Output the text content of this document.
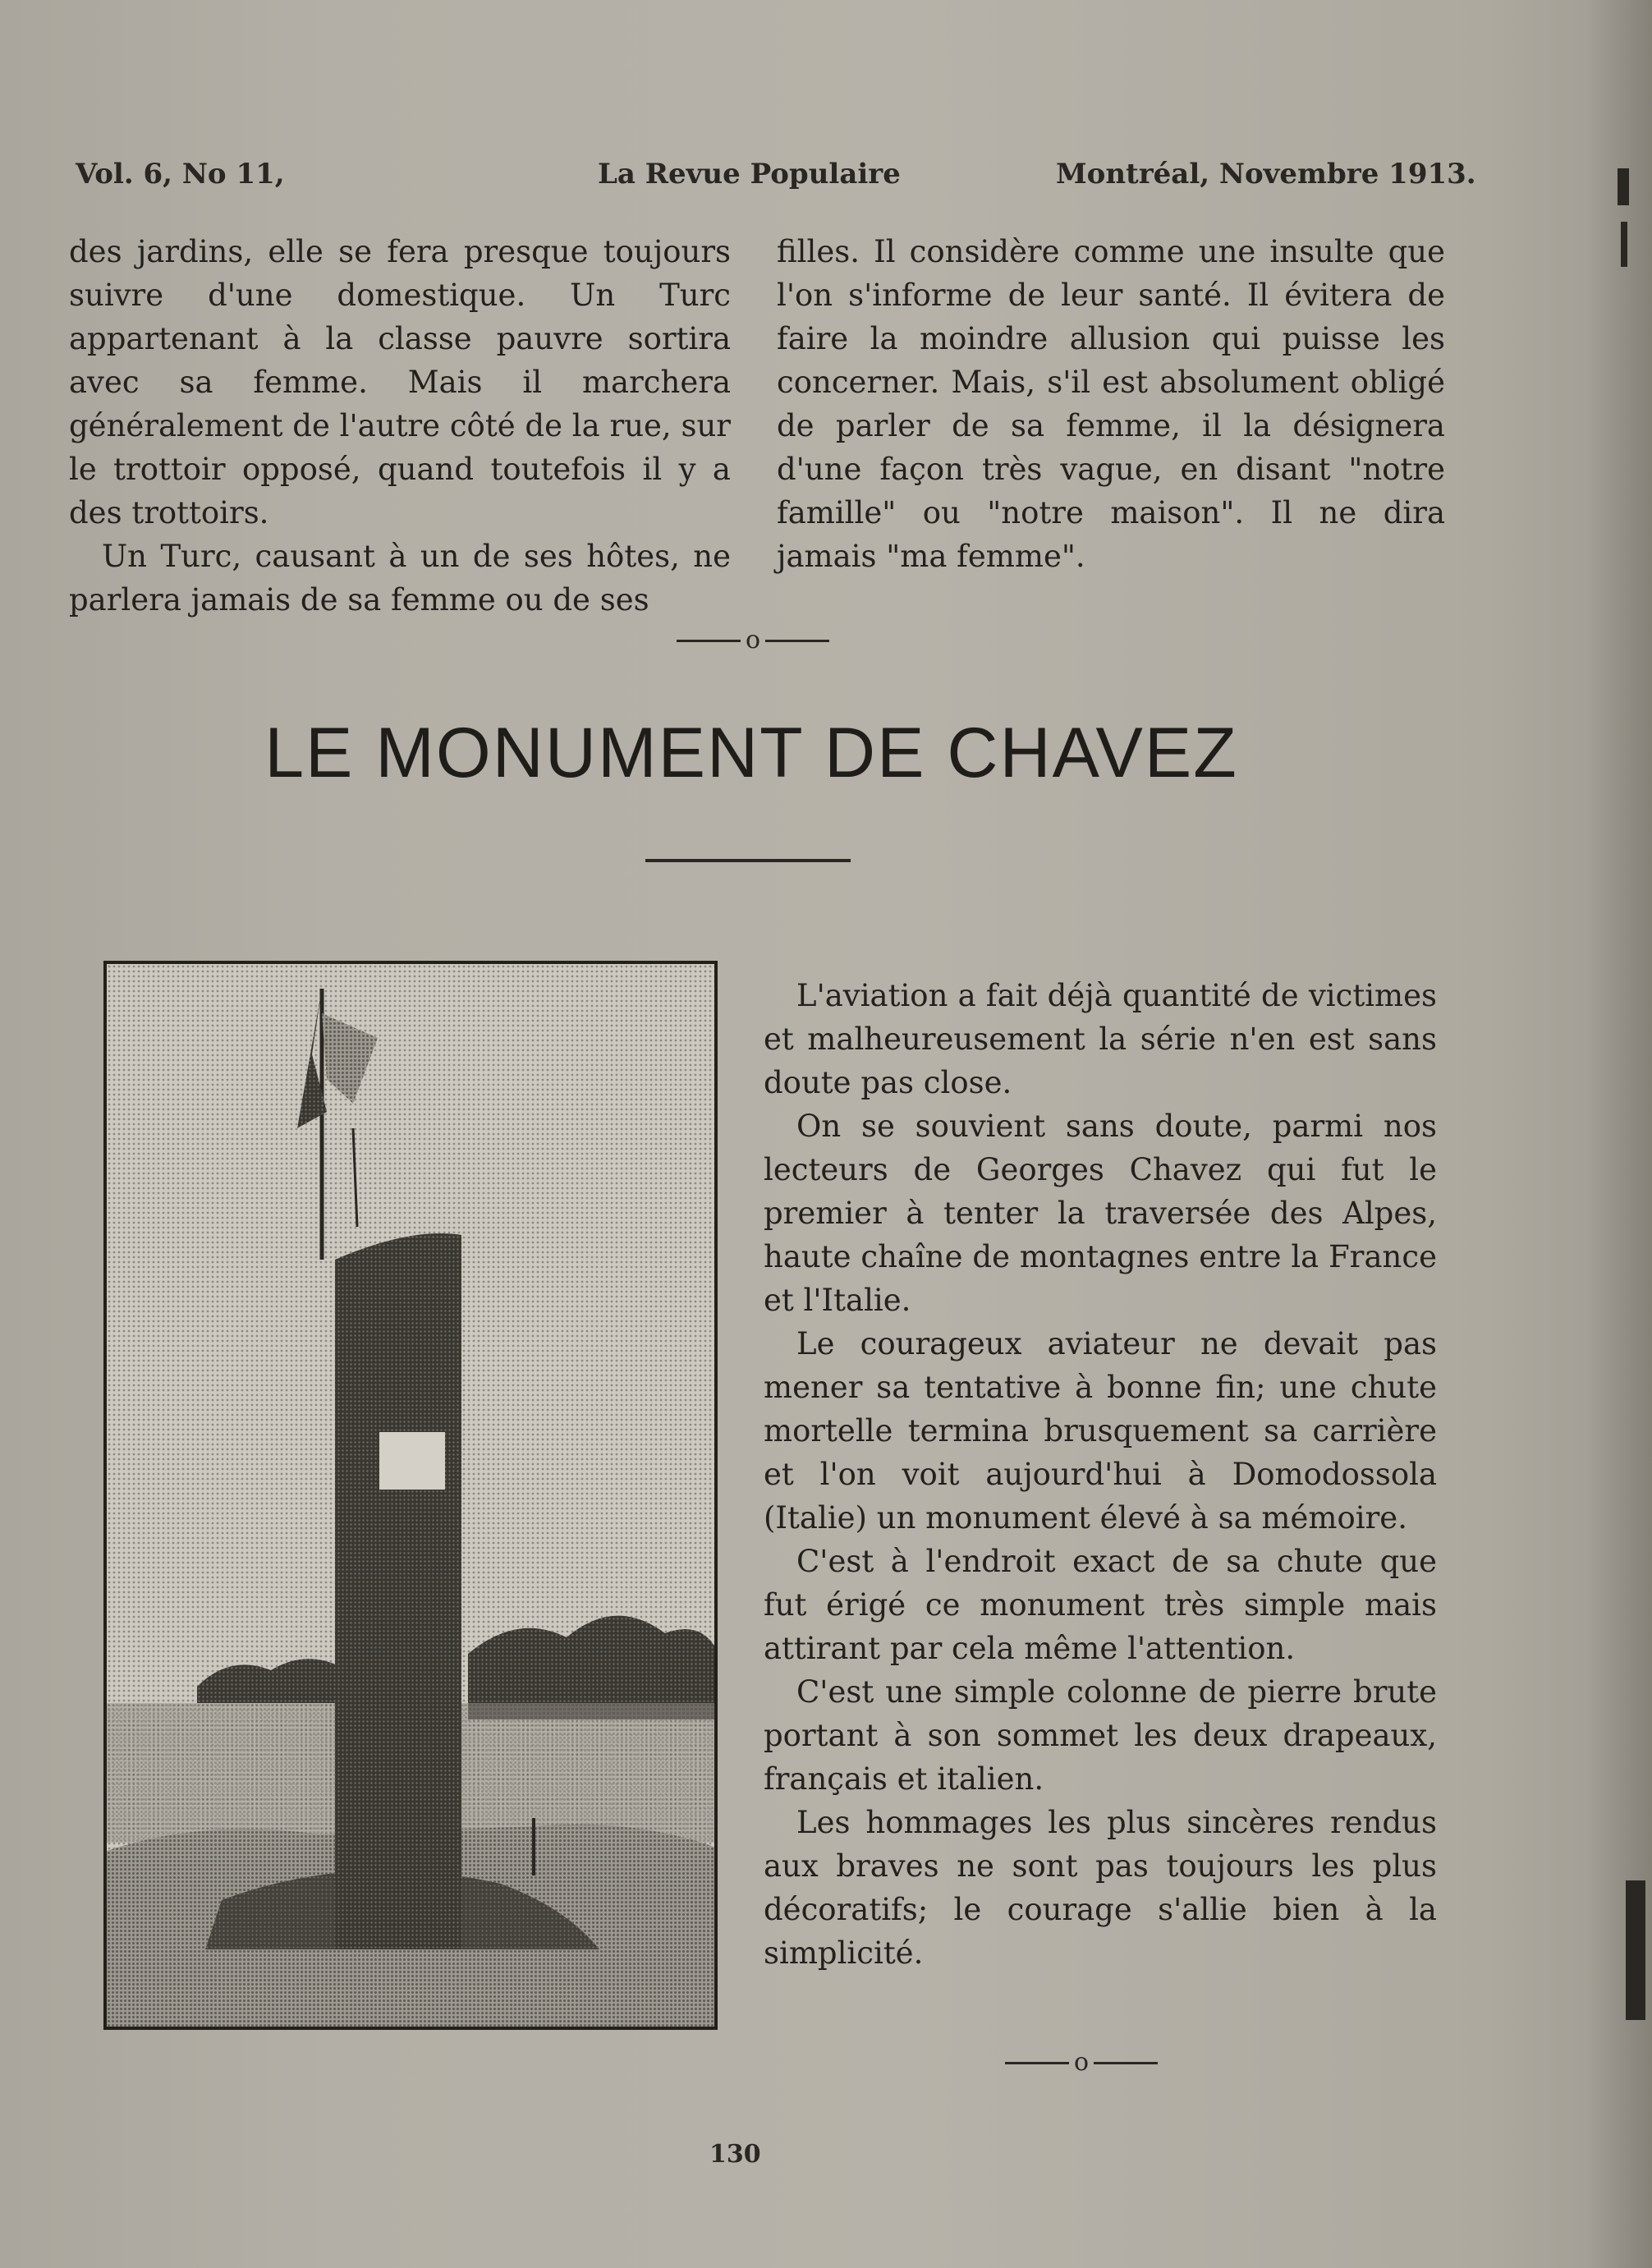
Vol. 6, No 11,	La Revue Populaire	Montréal, Novembre 1913.

des jardins, elle se fera presque toujours suivre d'une domestique. Un Turc appartenant à la classe pauvre sortira avec sa femme. Mais il marchera généralement de l'autre côté de la rue, sur le trottoir opposé, quand toutefois il y a des trottoirs.

Un Turc, causant à un de ses hôtes, ne parlera jamais de sa femme ou de ses

filles. Il considère comme une insulte que l'on s'informe de leur santé. Il évitera de faire la moindre allusion qui puisse les concerner. Mais, s'il est absolument obligé de parler de sa femme, il la désignera d'une façon très vague, en disant "notre famille" ou "notre maison". Il ne dira jamais "ma femme".

o
LE MONUMENT DE CHAVEZ

L'aviation a fait déjà quantité de victimes et malheureusement la série n'en est sans doute pas close.

On se souvient sans doute, parmi nos lecteurs de Georges Chavez qui fut le premier à tenter la traversée des Alpes, haute chaîne de montagnes entre la France et l'Italie.

Le courageux aviateur ne devait pas mener sa tentative à bonne fin; une chute mortelle termina brusquement sa carrière et l'on voit aujourd'hui à Domodossola (Italie) un monument élevé à sa mémoire.

C'est à l'endroit exact de sa chute que fut érigé ce monument très simple mais attirant par cela même l'attention.

C'est une simple colonne de pierre brute portant à son sommet les deux drapeaux, français et italien.

Les hommages les plus sincères rendus aux braves ne sont pas toujours les plus décoratifs; le courage s'allie bien à la simplicité.

o
130
